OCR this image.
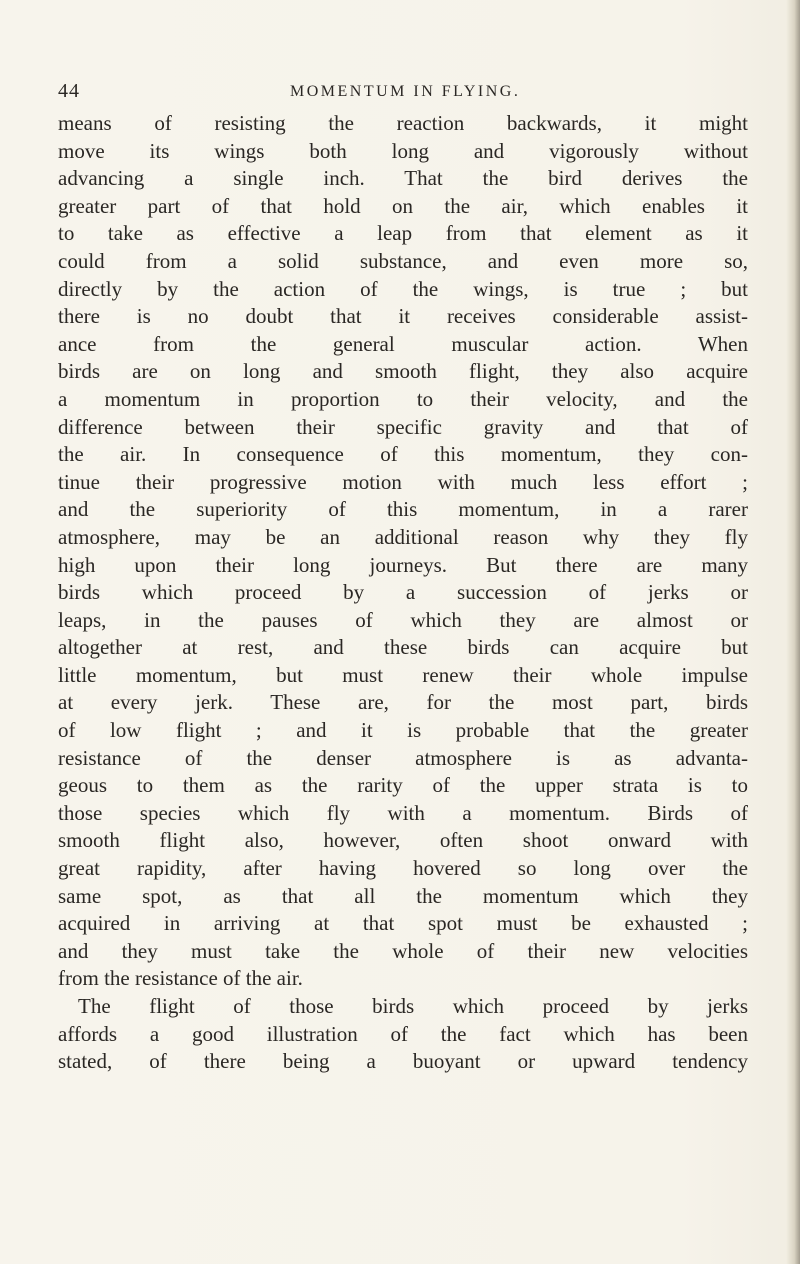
44	MOMENTUM IN FLYING.
means of resisting the reaction backwards, it might
move its wings both long and vigorously without
advancing a single inch. That the bird derives the
greater part of that hold on the air, which enables it
to take as effective a leap from that element as it
could from a solid substance, and even more so,
directly by the action of the wings, is true ; but
there is no doubt that it receives considerable assist-
ance from the general muscular action. When
birds are on long and smooth flight, they also acquire
a momentum in proportion to their velocity, and the
difference between their specific gravity and that of
the air. In consequence of this momentum, they con-
tinue their progressive motion with much less effort ;
and the superiority of this momentum, in a rarer
atmosphere, may be an additional reason why they fly
high upon their long journeys. But there are many
birds which proceed by a succession of jerks or
leaps, in the pauses of which they are almost or
altogether at rest, and these birds can acquire but
little momentum, but must renew their whole impulse
at every jerk. These are, for the most part, birds
of low flight ; and it is probable that the greater
resistance of the denser atmosphere is as advanta-
geous to them as the rarity of the upper strata is to
those species which fly with a momentum. Birds of
smooth flight also, however, often shoot onward with
great rapidity, after having hovered so long over the
same spot, as that all the momentum which they
acquired in arriving at that spot must be exhausted ;
and they must take the whole of their new velocities
from the resistance of the air.
The flight of those birds which proceed by jerks
affords a good illustration of the fact which has been
stated, of there being a buoyant or upward tendency
